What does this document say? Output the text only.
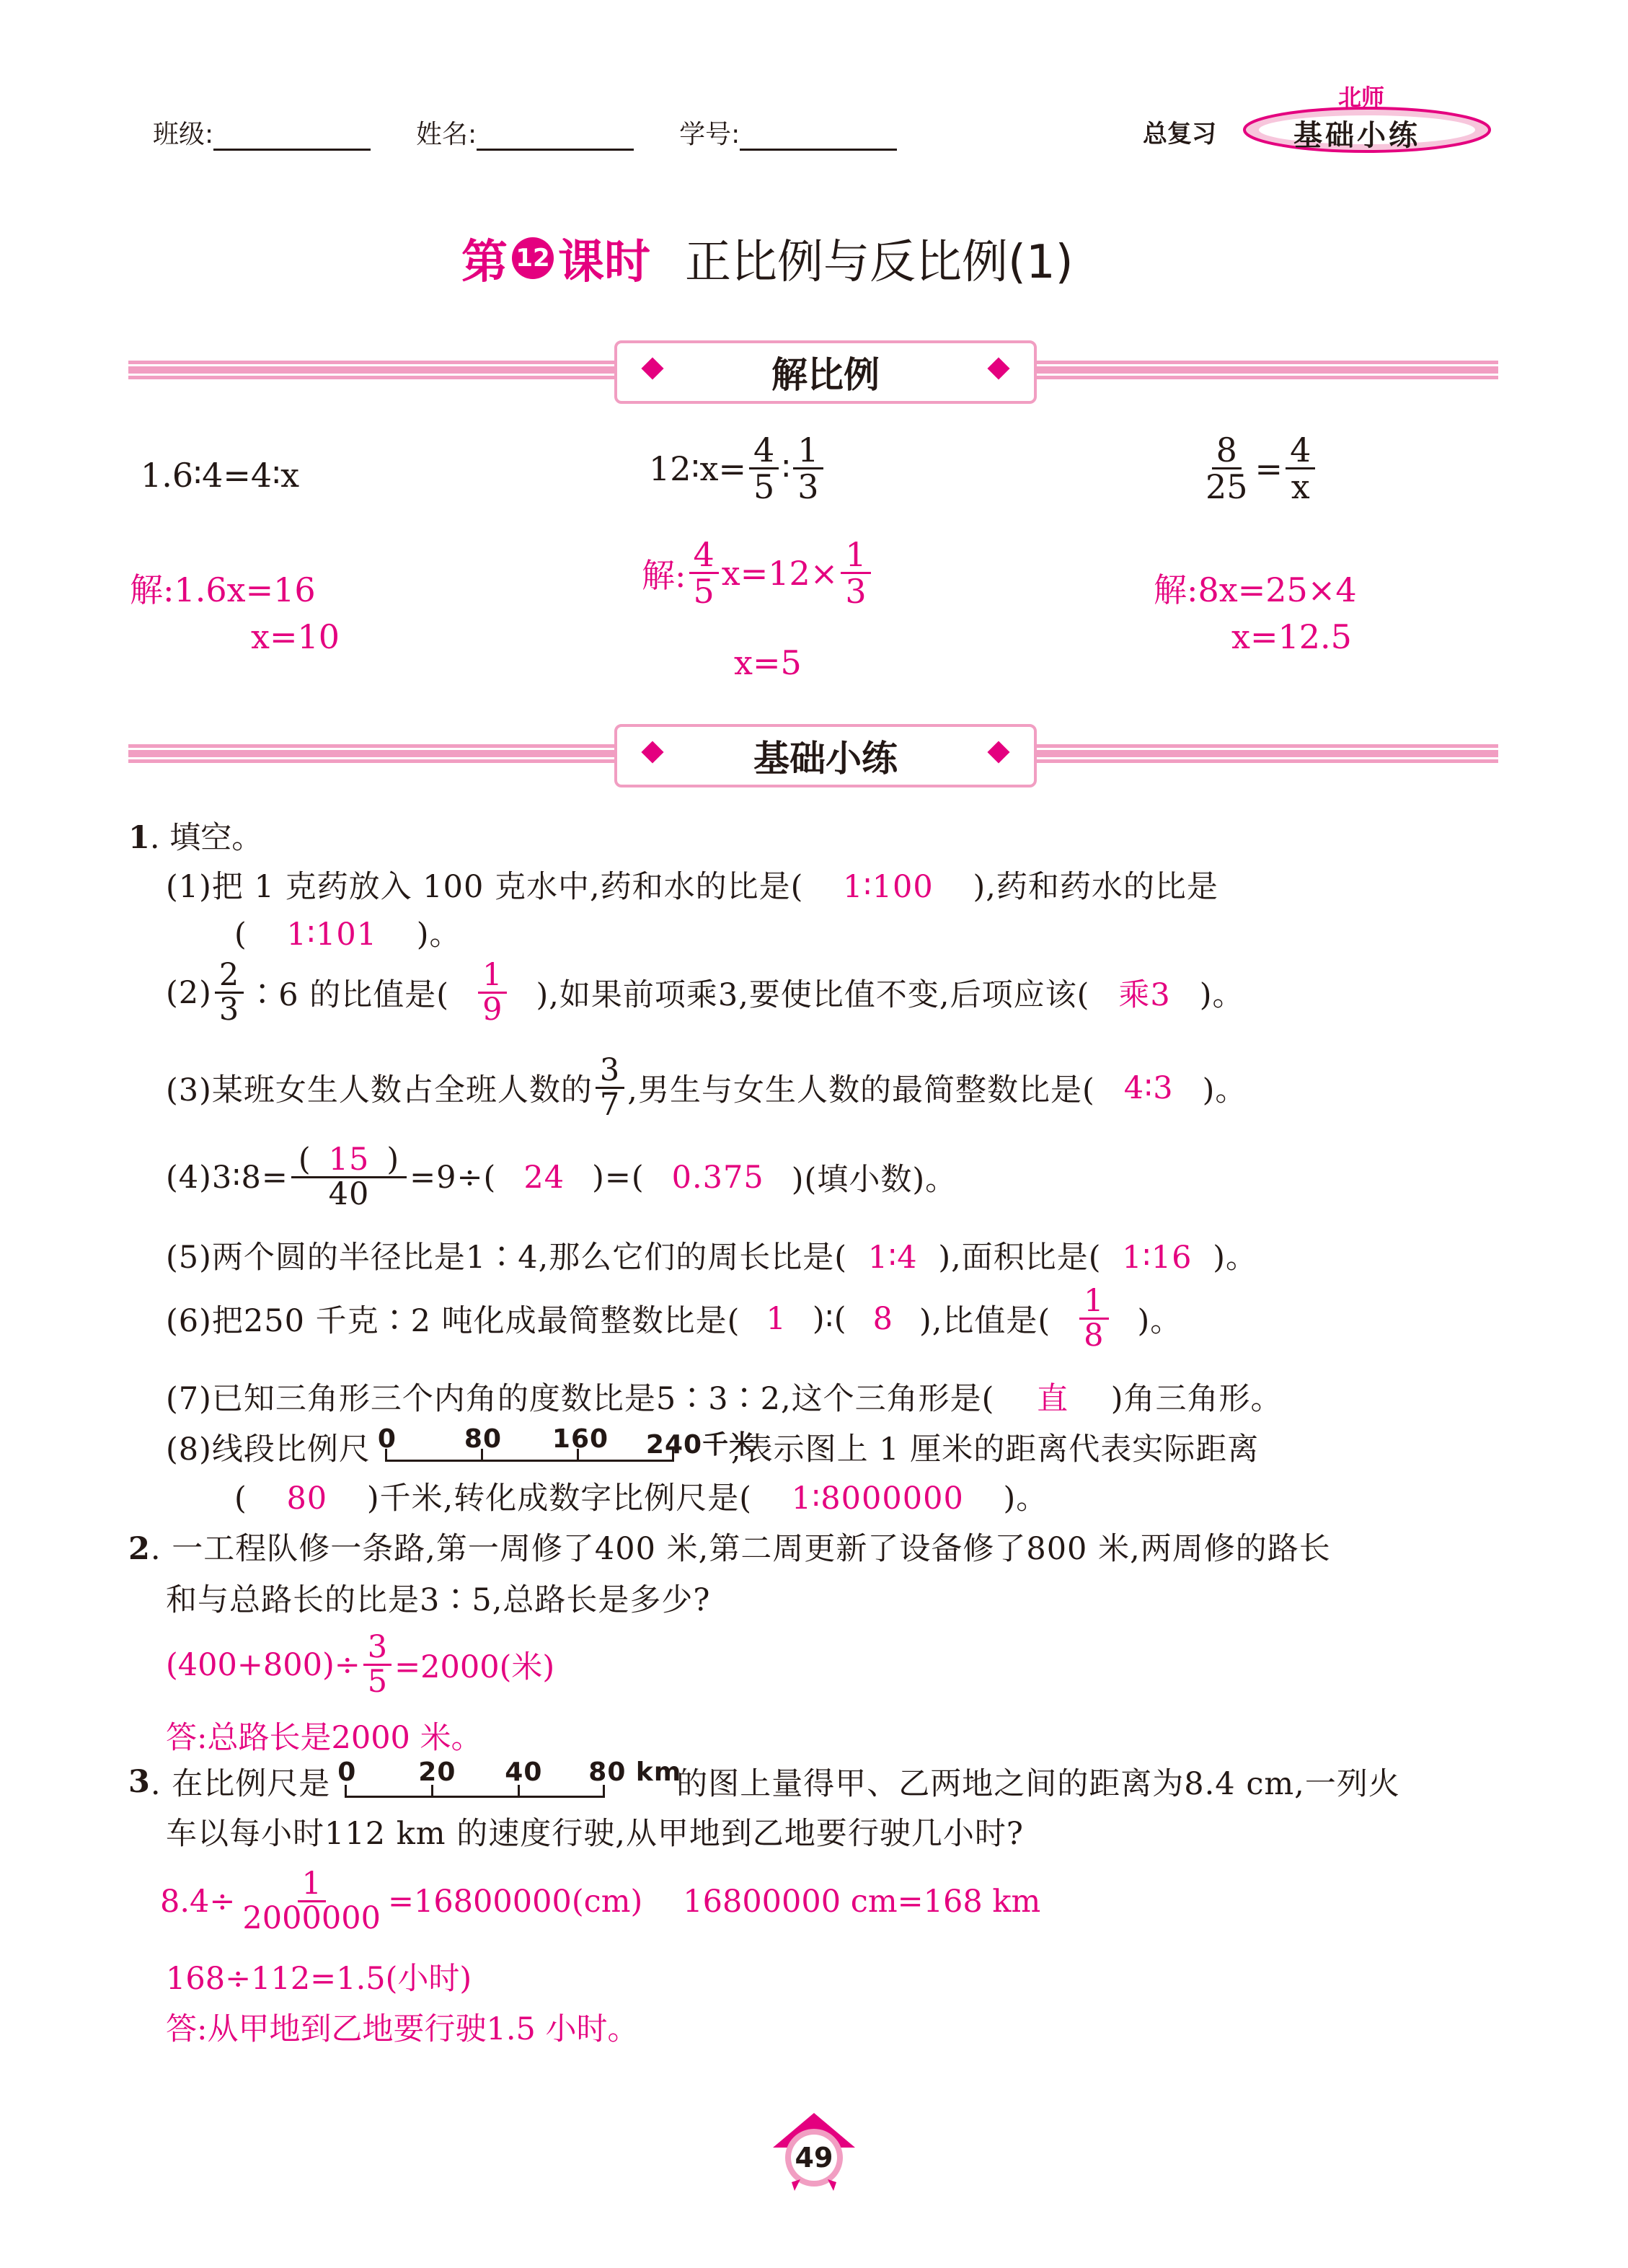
班级:	姓名:	学号:	总复习
北师
基础小练
第 12 课时 正比例与反比例(1)
解比例
1.6∶4=4∶x
解:1.6x=16
x=10
12∶x= $\frac{4}{5}$ ∶ $\frac{1}{3}$
解: $\frac{4}{5} x=12\times \frac{1}{3}$
x=5
$\frac{8}{25} = \frac{4}{x}$
解:8x=25×4
x=12.5
基础小练
1. 填空。
(1)把 1 克药放入 100 克水中,药和水的比是( 1∶100 ),药和药水的比是
( 1∶101 )。
$(2) \frac{2}{3}$ ∶6 的比值是( $\frac{1}{9}$ ),如果前项乘3,要使比值不变,后项应该( 乘3 )。
(3)某班女生人数占全班人数的 $\frac{3}{7}$ ,男生与女生人数的最简整数比是( 4∶3 )。
(4)3∶8= $\frac{( 15 )}{40} =9\div$( 24 )=( 0.375 )(填小数)。
(5)两个圆的半径比是1∶4,那么它们的周长比是( 1∶4 ),面积比是( 1∶16 )。
(6)把250 千克∶2 吨化成最简整数比是( 1 )∶( 8 ),比值是( $\frac{1}{8}$ )。
(7)已知三角形三个内角的度数比是5∶3∶2,这个三角形是( 直 )角三角形。
(8)线段比例尺 0	80 160 240千米
,表示图上 1 厘米的距离代表实际距离
( 80 )千米,转化成数字比例尺是( 1∶8000000 )。
2. 一工程队修一条路,第一周修了400 米,第二周更新了设备修了800 米,两周修的路长
和与总路长的比是3∶5,总路长是多少?
$(400+800)\div \frac{3}{5} =2000$(米)
答:总路长是2000 米。
3 . 在比例尺是 0 20 40 80 km
的图上量得甲、乙两地之间的距离为8.4 cm,一列火
车以每小时112 km 的速度行驶,从甲地到乙地要行驶几小时?
$8.4\div \frac{1}{2000000} =16800000(cm)$ 16800000 cm=168 km
168÷112=1.5(小时)
答:从甲地到乙地要行驶1.5 小时。
49
